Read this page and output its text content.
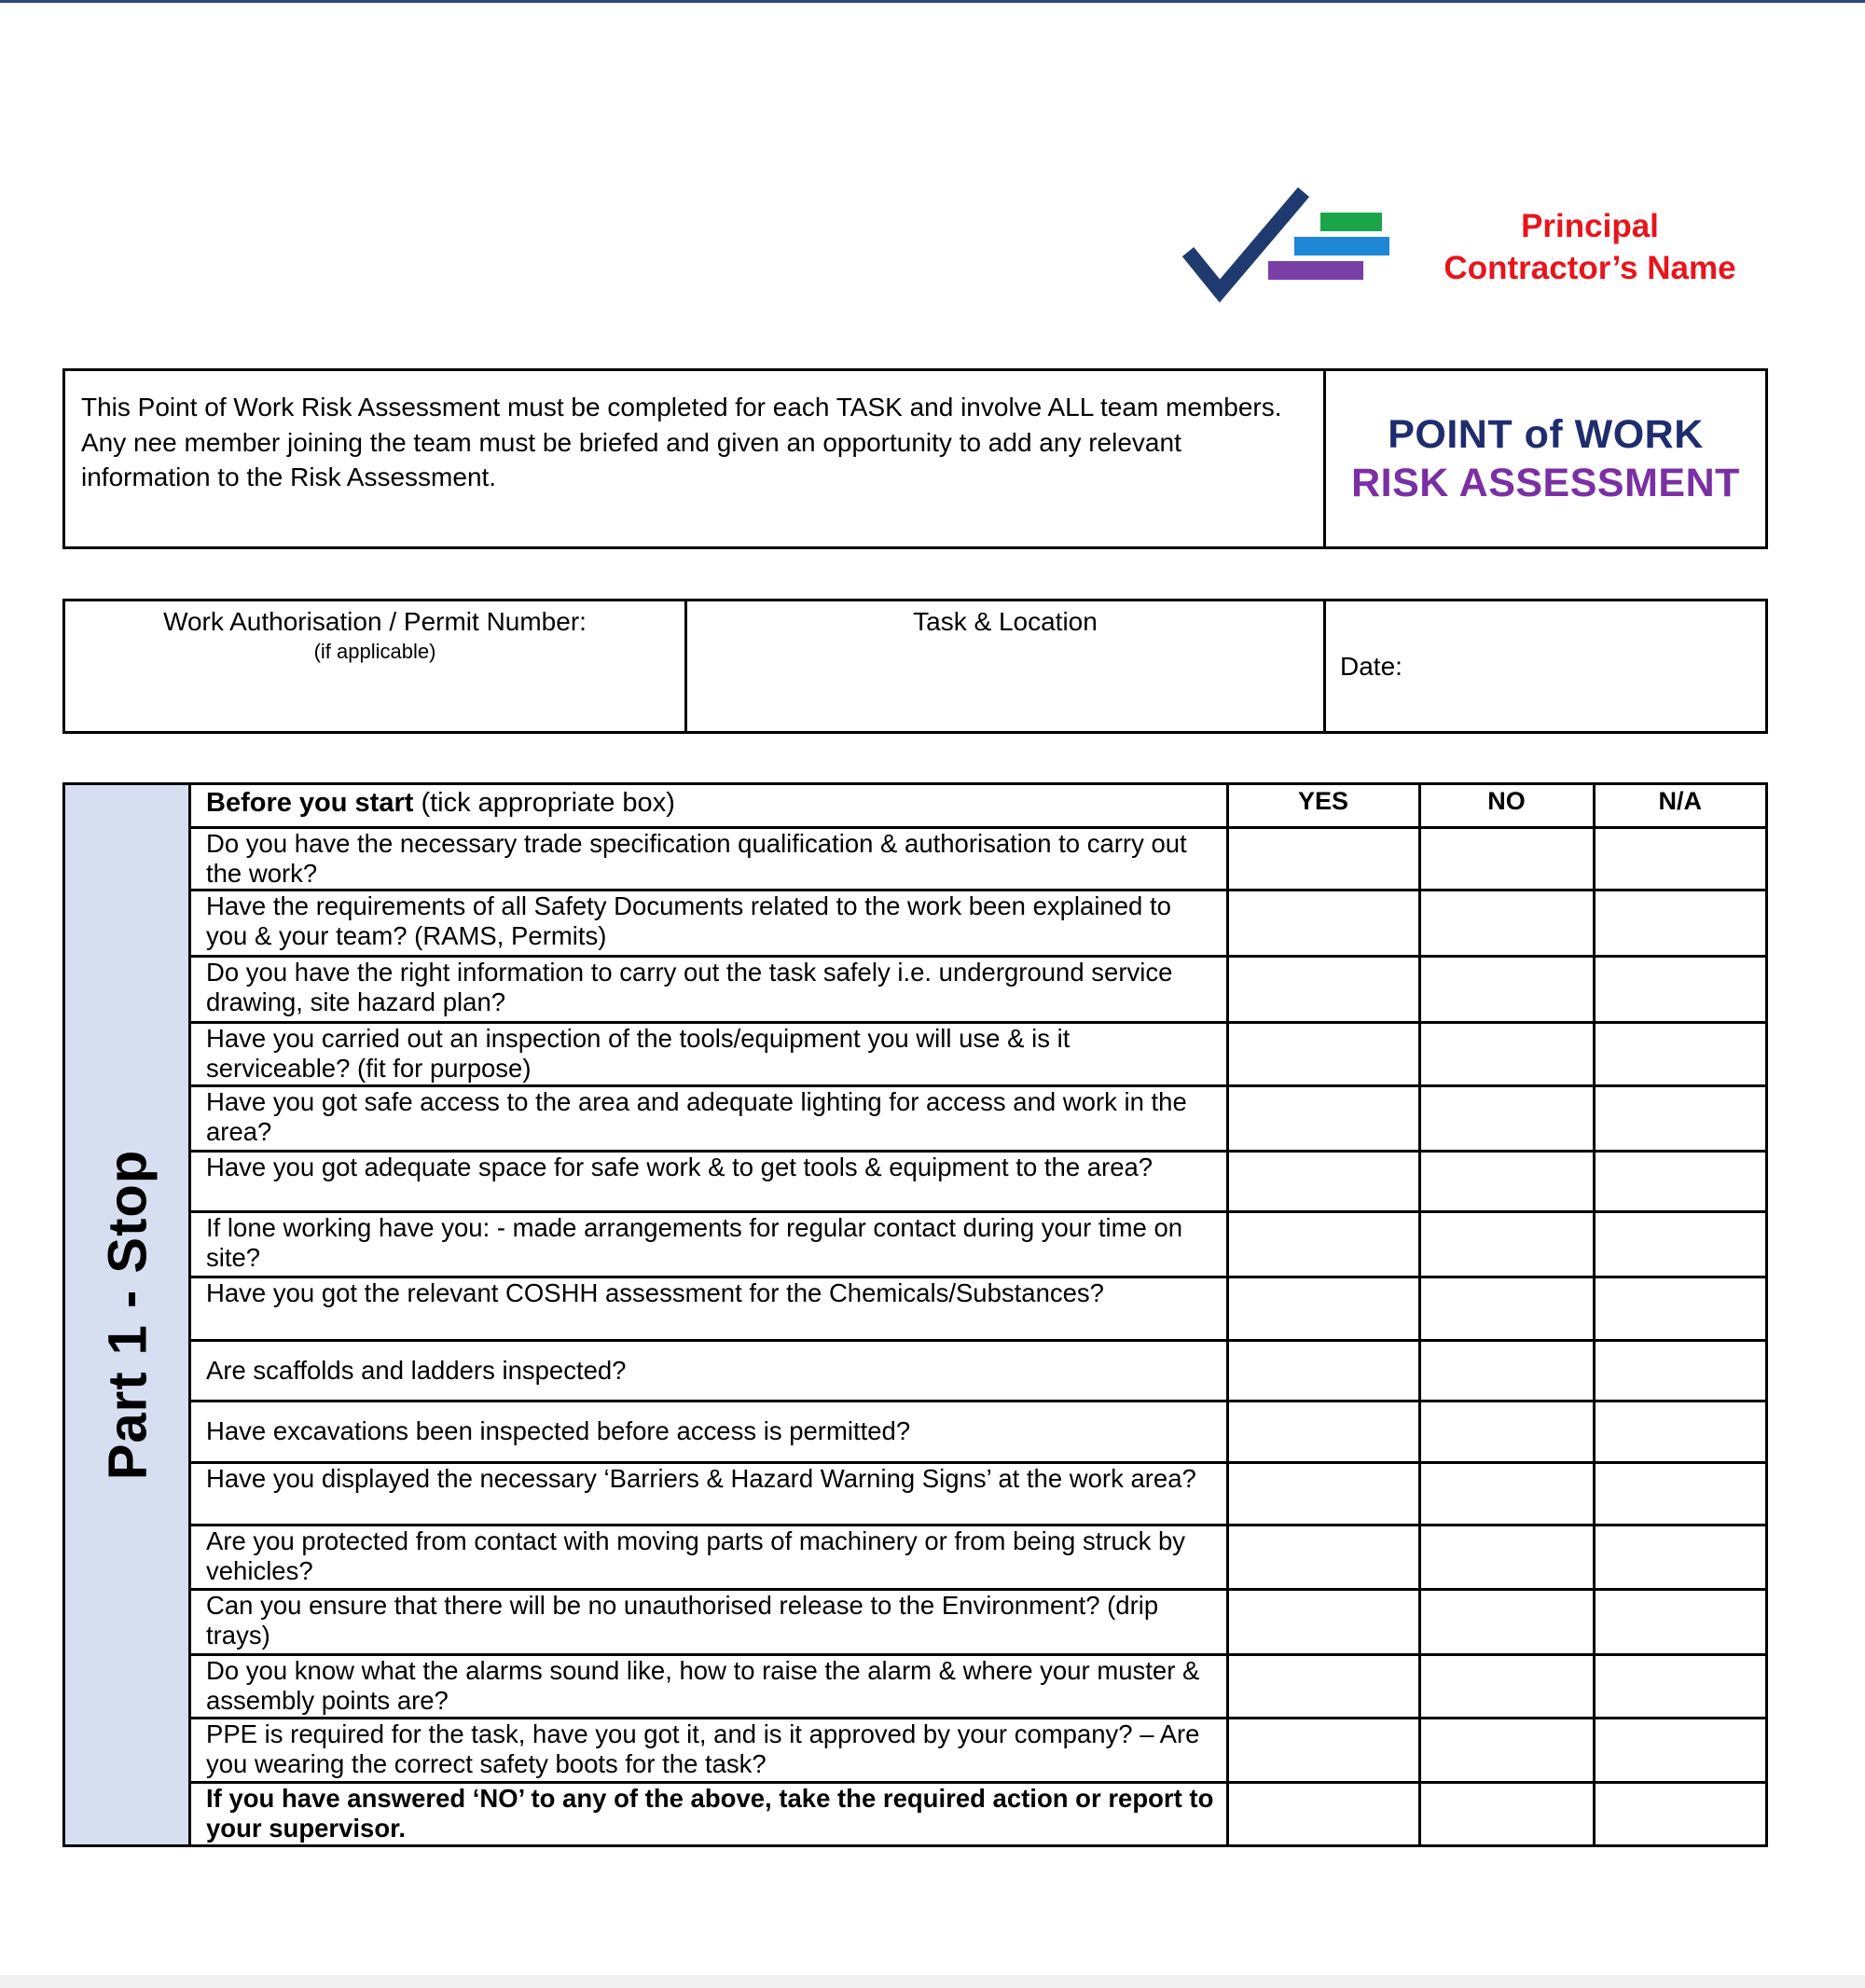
Principal
Contractor’s Name
This Point of Work Risk Assessment must be completed for each TASK and involve ALL team members.
Any nee member joining the team must be briefed and given an opportunity to add any relevant information to the Risk Assessment.
POINT of WORK
RISK ASSESSMENT
Work Authorisation / Permit Number:
(if applicable)
Task & Location
Date:
Part 1 - Stop
Before you start (tick appropriate box)	YES	NO	N/A
Do you have the necessary trade specification qualification & authorisation to carry out the work?			
Have the requirements of all Safety Documents related to the work been explained to you & your team? (RAMS, Permits)			
Do you have the right information to carry out the task safely i.e. underground service drawing, site hazard plan?			
Have you carried out an inspection of the tools/equipment you will use & is it serviceable? (fit for purpose)			
Have you got safe access to the area and adequate lighting for access and work in the area?			
Have you got adequate space for safe work & to get tools & equipment to the area?			
If lone working have you: - made arrangements for regular contact during your time on site?			
Have you got the relevant COSHH assessment for the Chemicals/Substances?			
Are scaffolds and ladders inspected?			
Have excavations been inspected before access is permitted?			
Have you displayed the necessary ‘Barriers & Hazard Warning Signs’ at the work area?			
Are you protected from contact with moving parts of machinery or from being struck by vehicles?			
Can you ensure that there will be no unauthorised release to the Environment? (drip trays)			
Do you know what the alarms sound like, how to raise the alarm & where your muster & assembly points are?			
PPE is required for the task, have you got it, and is it approved by your company? – Are you wearing the correct safety boots for the task?			
If you have answered ‘NO’ to any of the above, take the required action or report to your supervisor.			
